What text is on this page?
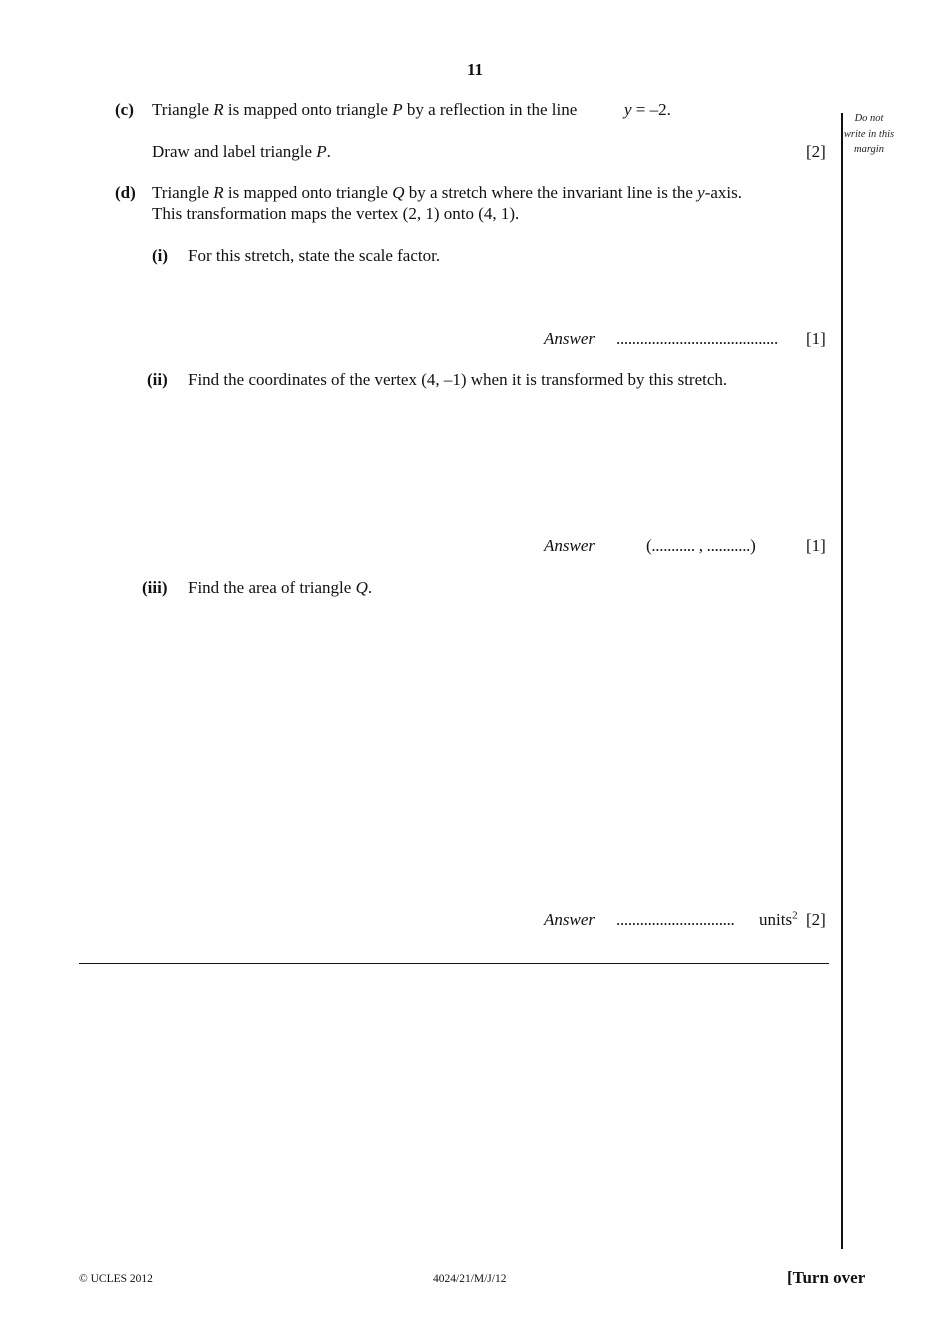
11
Do not
write in this
margin
(c) Triangle R is mapped onto triangle P by a reflection in the line	y = –2.
Draw and label triangle P.	[2]
(d) Triangle R is mapped onto triangle Q by a stretch where the invariant line is the y-axis.
This transformation maps the vertex (2, 1) onto (4, 1).
(i) For this stretch, state the scale factor.
Answer ......................................... [1]
(ii) Find the coordinates of the vertex (4, –1) when it is transformed by this stretch.
Answer	(........... , ...........)	[1]
(iii) Find the area of triangle Q.
Answer .............................. units$^2$ [2]
© UCLES 2012	4024/21/M/J/12	[Turn over
